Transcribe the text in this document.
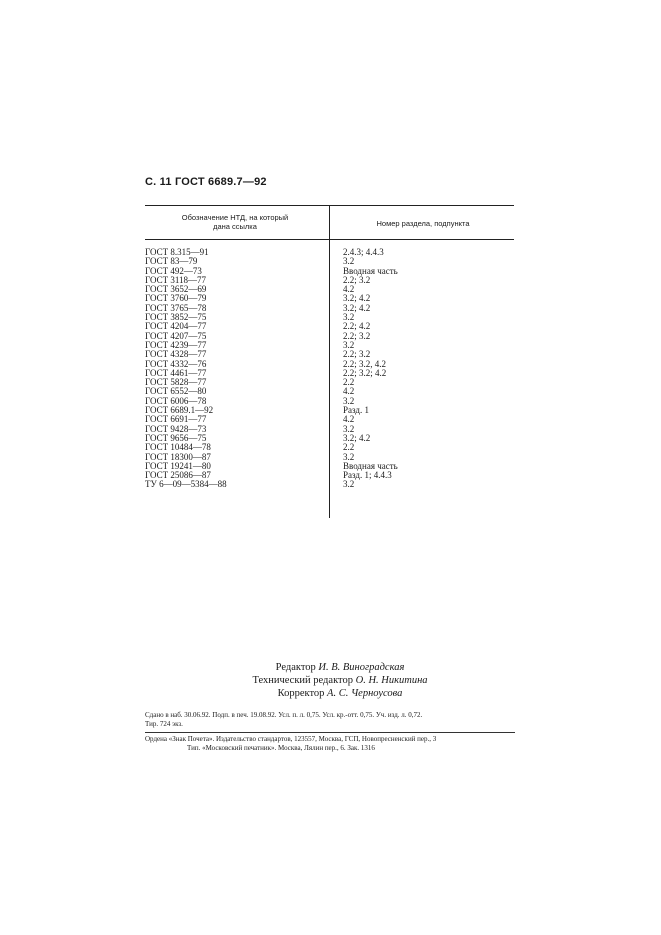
С. 11 ГОСТ 6689.7—92
Обозначение НТД, на который
дана ссылка	Номер раздела, подпункта
ГОСТ 8.315—91	2.4.3; 4.4.3
ГОСТ 83—79	3.2
ГОСТ 492—73	Вводная часть
ГОСТ 3118—77	2.2; 3.2
ГОСТ 3652—69	4.2
ГОСТ 3760—79	3.2; 4.2
ГОСТ 3765—78	3.2; 4.2
ГОСТ 3852—75	3.2
ГОСТ 4204—77	2.2; 4.2
ГОСТ 4207—75	2.2; 3.2
ГОСТ 4239—77	3.2
ГОСТ 4328—77	2.2; 3.2
ГОСТ 4332—76	2.2; 3.2, 4.2
ГОСТ 4461—77	2.2; 3.2; 4.2
ГОСТ 5828—77	2.2
ГОСТ 6552—80	4.2
ГОСТ 6006—78	3.2
ГОСТ 6689.1—92	Разд. 1
ГОСТ 6691—77	4.2
ГОСТ 9428—73	3.2
ГОСТ 9656—75	3.2; 4.2
ГОСТ 10484—78	2.2
ГОСТ 18300—87	3.2
ГОСТ 19241—80	Вводная часть
ГОСТ 25086—87	Разд. 1; 4.4.3
ТУ 6—09—5384—88	3.2
Редактор И. В. Виноградская
Технический редактор О. Н. Никитина
Корректор А. С. Черноусова
Сдано в наб. 30.06.92. Подп. в печ. 19.08.92. Усл. п. л. 0,75. Усл. кр.-отт. 0,75. Уч. изд. л. 0,72.
Тир. 724 экз.
Ордена «Знак Почета». Издательство стандартов, 123557, Москва, ГСП, Новопресненский пер., 3
Тип. «Московский печатник». Москва, Лялин пер., 6. Зак. 1316
